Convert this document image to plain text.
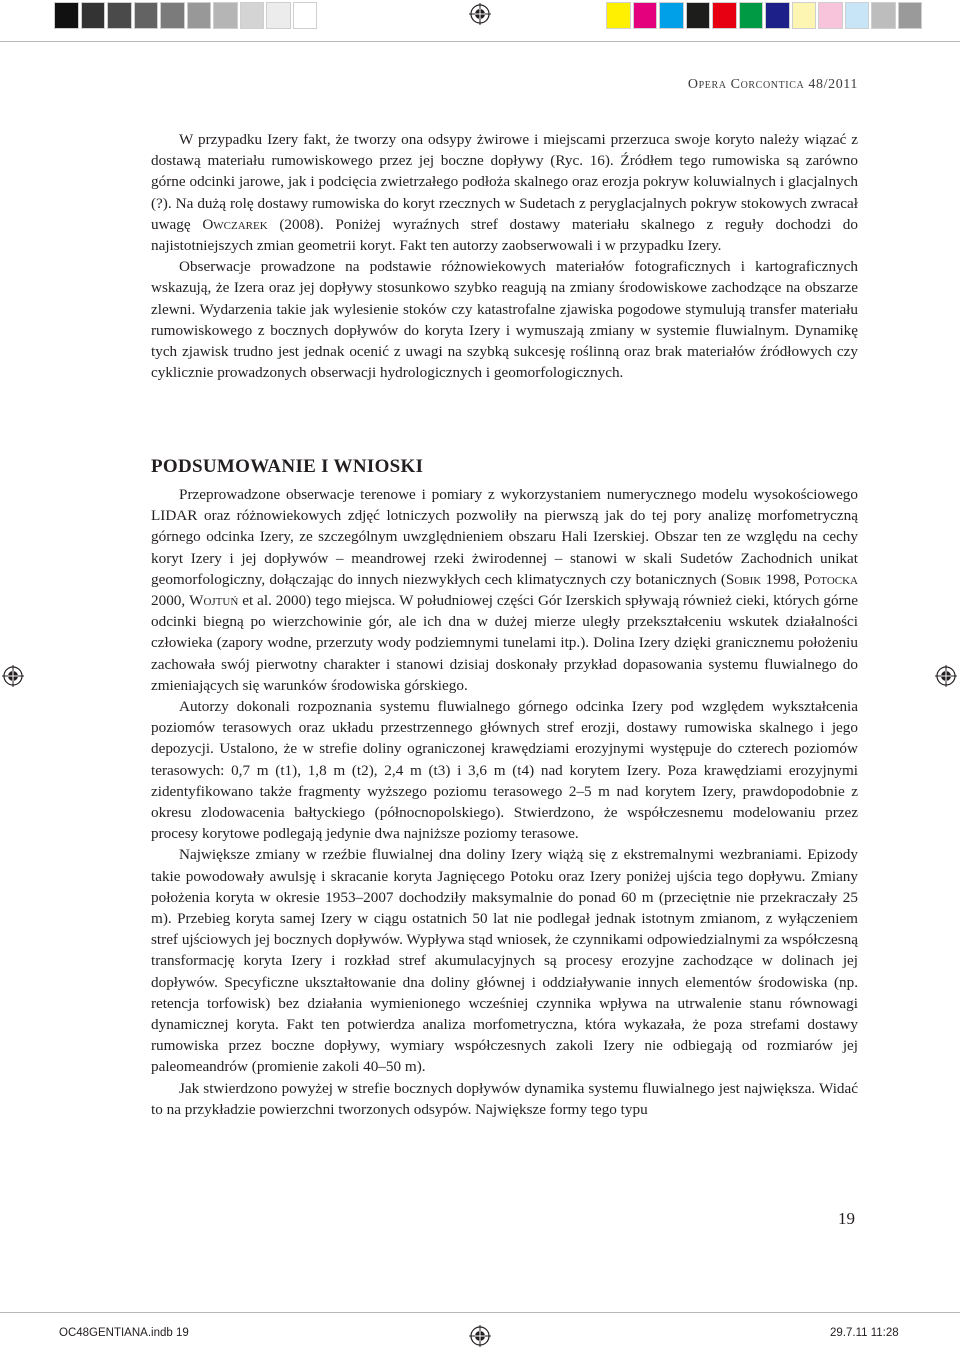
Opera Corcontica 48/2011

W przypadku Izery fakt, że tworzy ona odsypy żwirowe i miejscami przerzuca swoje koryto należy wiązać z dostawą materiału rumowiskowego przez jej boczne dopływy (Ryc. 16). Źródłem tego rumowiska są zarówno górne odcinki jarowe, jak i podcięcia zwietrzałego podłoża skalnego oraz erozja pokryw koluwialnych i glacjalnych (?). Na dużą rolę dostawy rumowiska do koryt rzecznych w Sudetach z peryglacjalnych pokryw stokowych zwracał uwagę Owczarek (2008). Poniżej wyraźnych stref dostawy materiału skalnego z reguły dochodzi do najistotniejszych zmian geometrii koryt. Fakt ten autorzy zaobserwowali i w przypadku Izery.

Obserwacje prowadzone na podstawie różnowiekowych materiałów fotograficznych i kartograficznych wskazują, że Izera oraz jej dopływy stosunkowo szybko reagują na zmiany środowiskowe zachodzące na obszarze zlewni. Wydarzenia takie jak wylesienie stoków czy katastrofalne zjawiska pogodowe stymulują transfer materiału rumowiskowego z bocznych dopływów do koryta Izery i wymuszają zmiany w systemie fluwialnym. Dynamikę tych zjawisk trudno jest jednak ocenić z uwagi na szybką sukcesję roślinną oraz brak materiałów źródłowych czy cyklicznie prowadzonych obserwacji hydrologicznych i geomorfologicznych.

PODSUMOWANIE I WNIOSKI

Przeprowadzone obserwacje terenowe i pomiary z wykorzystaniem numerycznego modelu wysokościowego LIDAR oraz różnowiekowych zdjęć lotniczych pozwoliły na pierwszą jak do tej pory analizę morfometryczną górnego odcinka Izery, ze szczególnym uwzględnieniem obszaru Hali Izerskiej. Obszar ten ze względu na cechy koryt Izery i jej dopływów – meandrowej rzeki żwirodennej – stanowi w skali Sudetów Zachodnich unikat geomorfologiczny, dołączając do innych niezwykłych cech klimatycznych czy botanicznych (Sobik 1998, Potocka 2000, Wojtuń et al. 2000) tego miejsca. W południowej części Gór Izerskich spływają również cieki, których górne odcinki biegną po wierzchowinie gór, ale ich dna w dużej mierze uległy przekształceniu wskutek działalności człowieka (zapory wodne, przerzuty wody podziemnymi tunelami itp.). Dolina Izery dzięki granicznemu położeniu zachowała swój pierwotny charakter i stanowi dzisiaj doskonały przykład dopasowania systemu fluwialnego do zmieniających się warunków środowiska górskiego.

Autorzy dokonali rozpoznania systemu fluwialnego górnego odcinka Izery pod względem wykształcenia poziomów terasowych oraz układu przestrzennego głównych stref erozji, dostawy rumowiska skalnego i jego depozycji. Ustalono, że w strefie doliny ograniczonej krawędziami erozyjnymi występuje do czterech poziomów terasowych: 0,7 m (t1), 1,8 m (t2), 2,4 m (t3) i 3,6 m (t4) nad korytem Izery. Poza krawędziami erozyjnymi zidentyfikowano także fragmenty wyższego poziomu terasowego 2–5 m nad korytem Izery, prawdopodobnie z okresu zlodowacenia bałtyckiego (północnopolskiego). Stwierdzono, że współczesnemu modelowaniu przez procesy korytowe podlegają jedynie dwa najniższe poziomy terasowe.

Największe zmiany w rzeźbie fluwialnej dna doliny Izery wiążą się z ekstremalnymi wezbraniami. Epizody takie powodowały awulsję i skracanie koryta Jagnięcego Potoku oraz Izery poniżej ujścia tego dopływu. Zmiany położenia koryta w okresie 1953–2007 dochodziły maksymalnie do ponad 60 m (przeciętnie nie przekraczały 25 m). Przebieg koryta samej Izery w ciągu ostatnich 50 lat nie podlegał jednak istotnym zmianom, z wyłączeniem stref ujściowych jej bocznych dopływów. Wypływa stąd wniosek, że czynnikami odpowiedzialnymi za współczesną transformację koryta Izery i rozkład stref akumulacyjnych są procesy erozyjne zachodzące w dolinach jej dopływów. Specyficzne ukształtowanie dna doliny głównej i oddziaływanie innych elementów środowiska (np. retencja torfowisk) bez działania wymienionego wcześniej czynnika wpływa na utrwalenie stanu równowagi dynamicznej koryta. Fakt ten potwierdza analiza morfometryczna, która wykazała, że poza strefami dostawy rumowiska przez boczne dopływy, wymiary współczesnych zakoli Izery nie odbiegają od rozmiarów jej paleomeandrów (promienie zakoli 40–50 m).

Jak stwierdzono powyżej w strefie bocznych dopływów dynamika systemu fluwialnego jest największa. Widać to na przykładzie powierzchni tworzonych odsypów. Największe formy tego typu

19
OC48GENTIANA.indb 19	29.7.11 11:28
